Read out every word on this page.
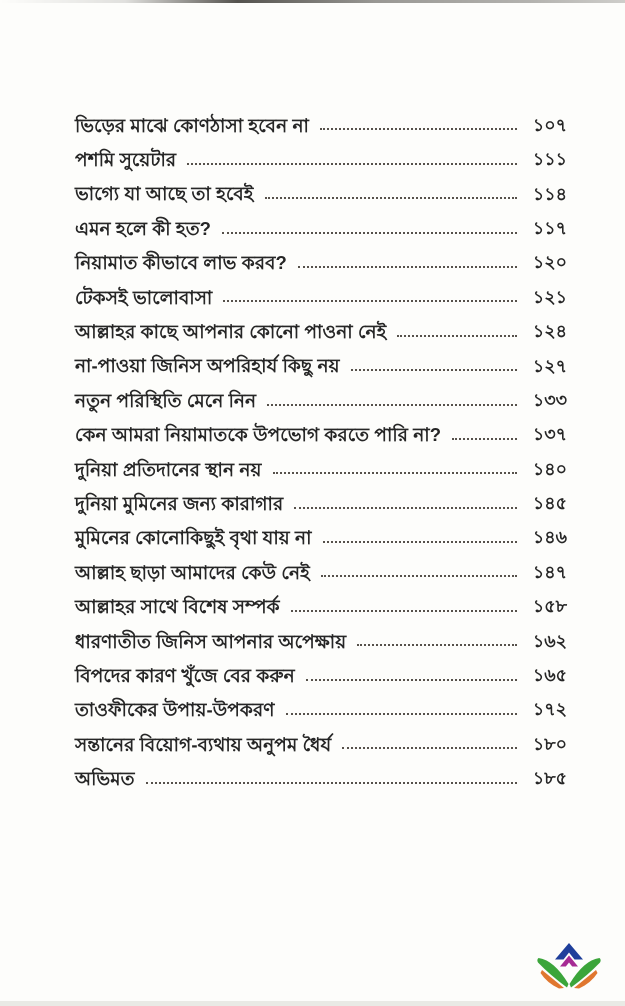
ভিড়ের মাঝে কোণঠাসা হবেন না	১০৭
পশমি সুয়েটার	১১১
ভাগ্যে যা আছে তা হবেই	১১৪
এমন হলে কী হত?	১১৭
নিয়ামাত কীভাবে লাভ করব?	১২০
টেকসই ভালোবাসা	১২১
আল্লাহর কাছে আপনার কোনো পাওনা নেই	১২৪
না-পাওয়া জিনিস অপরিহার্য কিছু নয়	১২৭
নতুন পরিস্থিতি মেনে নিন	১৩৩
কেন আমরা নিয়ামাতকে উপভোগ করতে পারি না?	১৩৭
দুনিয়া প্রতিদানের স্থান নয়	১৪০
দুনিয়া মুমিনের জন্য কারাগার	১৪৫
মুমিনের কোনোকিছুই বৃথা যায় না	১৪৬
আল্লাহ ছাড়া আমাদের কেউ নেই	১৪৭
আল্লাহর সাথে বিশেষ সম্পর্ক	১৫৮
ধারণাতীত জিনিস আপনার অপেক্ষায়	১৬২
বিপদের কারণ খুঁজে বের করুন	১৬৫
তাওফীকের উপায়-উপকরণ	১৭২
সন্তানের বিয়োগ-ব্যথায় অনুপম ধৈর্য	১৮০
অভিমত	১৮৫
